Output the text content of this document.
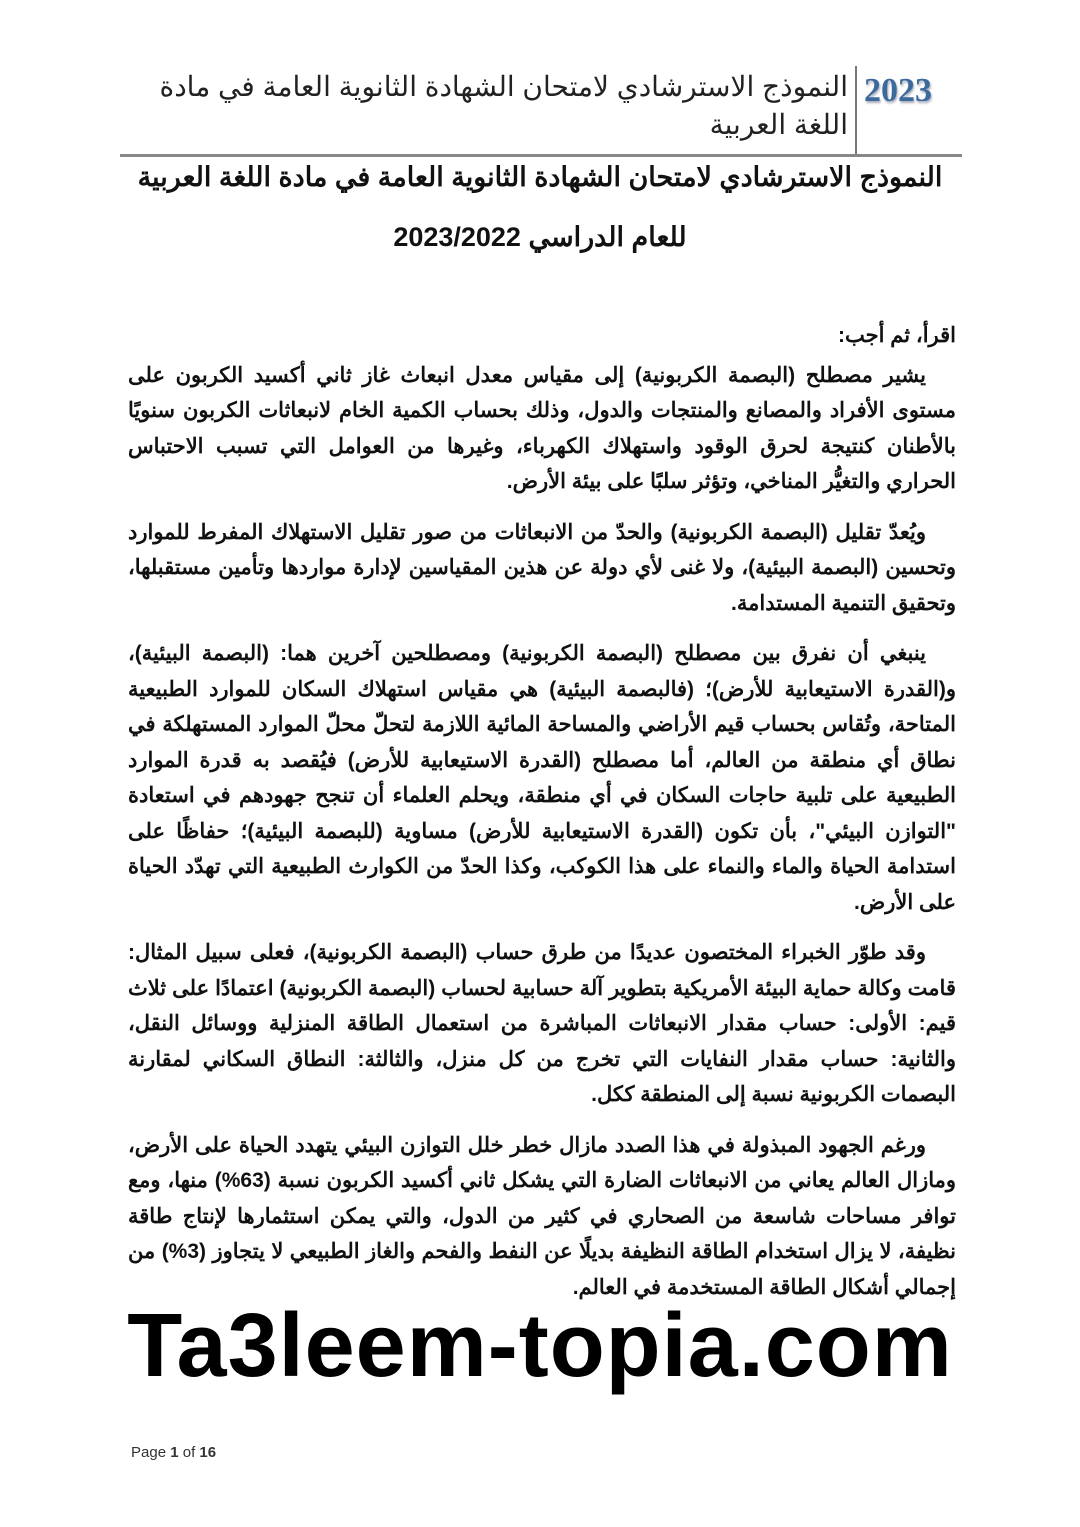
2023
النموذج الاسترشادي لامتحان الشهادة الثانوية العامة في مادة اللغة العربية
النموذج الاسترشادي لامتحان الشهادة الثانوية العامة في مادة اللغة العربية
للعام الدراسي 2023/2022

اقرأ، ثم أجب:

يشير مصطلح (البصمة الكربونية) إلى مقياس معدل انبعاث غاز ثاني أكسيد الكربون على مستوى الأفراد والمصانع والمنتجات والدول، وذلك بحساب الكمية الخام لانبعاثات الكربون سنويًا بالأطنان كنتيجة لحرق الوقود واستهلاك الكهرباء، وغيرها من العوامل التي تسبب الاحتباس الحراري والتغيُّر المناخي، وتؤثر سلبًا على بيئة الأرض.

ويُعدّ تقليل (البصمة الكربونية) والحدّ من الانبعاثات من صور تقليل الاستهلاك المفرط للموارد وتحسين (البصمة البيئية)، ولا غنى لأي دولة عن هذين المقياسين لإدارة مواردها وتأمين مستقبلها، وتحقيق التنمية المستدامة.

ينبغي أن نفرق بين مصطلح (البصمة الكربونية) ومصطلحين آخرين هما: (البصمة البيئية)، و(القدرة الاستيعابية للأرض)؛ (فالبصمة البيئية) هي مقياس استهلاك السكان للموارد الطبيعية المتاحة، وتُقاس بحساب قيم الأراضي والمساحة المائية اللازمة لتحلّ محلّ الموارد المستهلكة في نطاق أي منطقة من العالم، أما مصطلح (القدرة الاستيعابية للأرض) فيُقصد به قدرة الموارد الطبيعية على تلبية حاجات السكان في أي منطقة، ويحلم العلماء أن تنجح جهودهم في استعادة "التوازن البيئي"، بأن تكون (القدرة الاستيعابية للأرض) مساوية (للبصمة البيئية)؛ حفاظًا على استدامة الحياة والماء والنماء على هذا الكوكب، وكذا الحدّ من الكوارث الطبيعية التي تهدّد الحياة على الأرض.

وقد طوّر الخبراء المختصون عديدًا من طرق حساب (البصمة الكربونية)، فعلى سبيل المثال: قامت وكالة حماية البيئة الأمريكية بتطوير آلة حسابية لحساب (البصمة الكربونية) اعتمادًا على ثلاث قيم: الأولى: حساب مقدار الانبعاثات المباشرة من استعمال الطاقة المنزلية ووسائل النقل، والثانية: حساب مقدار النفايات التي تخرج من كل منزل، والثالثة: النطاق السكاني لمقارنة البصمات الكربونية نسبة إلى المنطقة ككل.

ورغم الجهود المبذولة في هذا الصدد مازال خطر خلل التوازن البيئي يتهدد الحياة على الأرض، ومازال العالم يعاني من الانبعاثات الضارة التي يشكل ثاني أكسيد الكربون نسبة (63%) منها، ومع توافر مساحات شاسعة من الصحاري في كثير من الدول، والتي يمكن استثمارها لإنتاج طاقة نظيفة، لا يزال استخدام الطاقة النظيفة بديلًا عن النفط والفحم والغاز الطبيعي لا يتجاوز (3%) من إجمالي أشكال الطاقة المستخدمة في العالم.

Ta3leem-topia.com
Page 1 of 16
